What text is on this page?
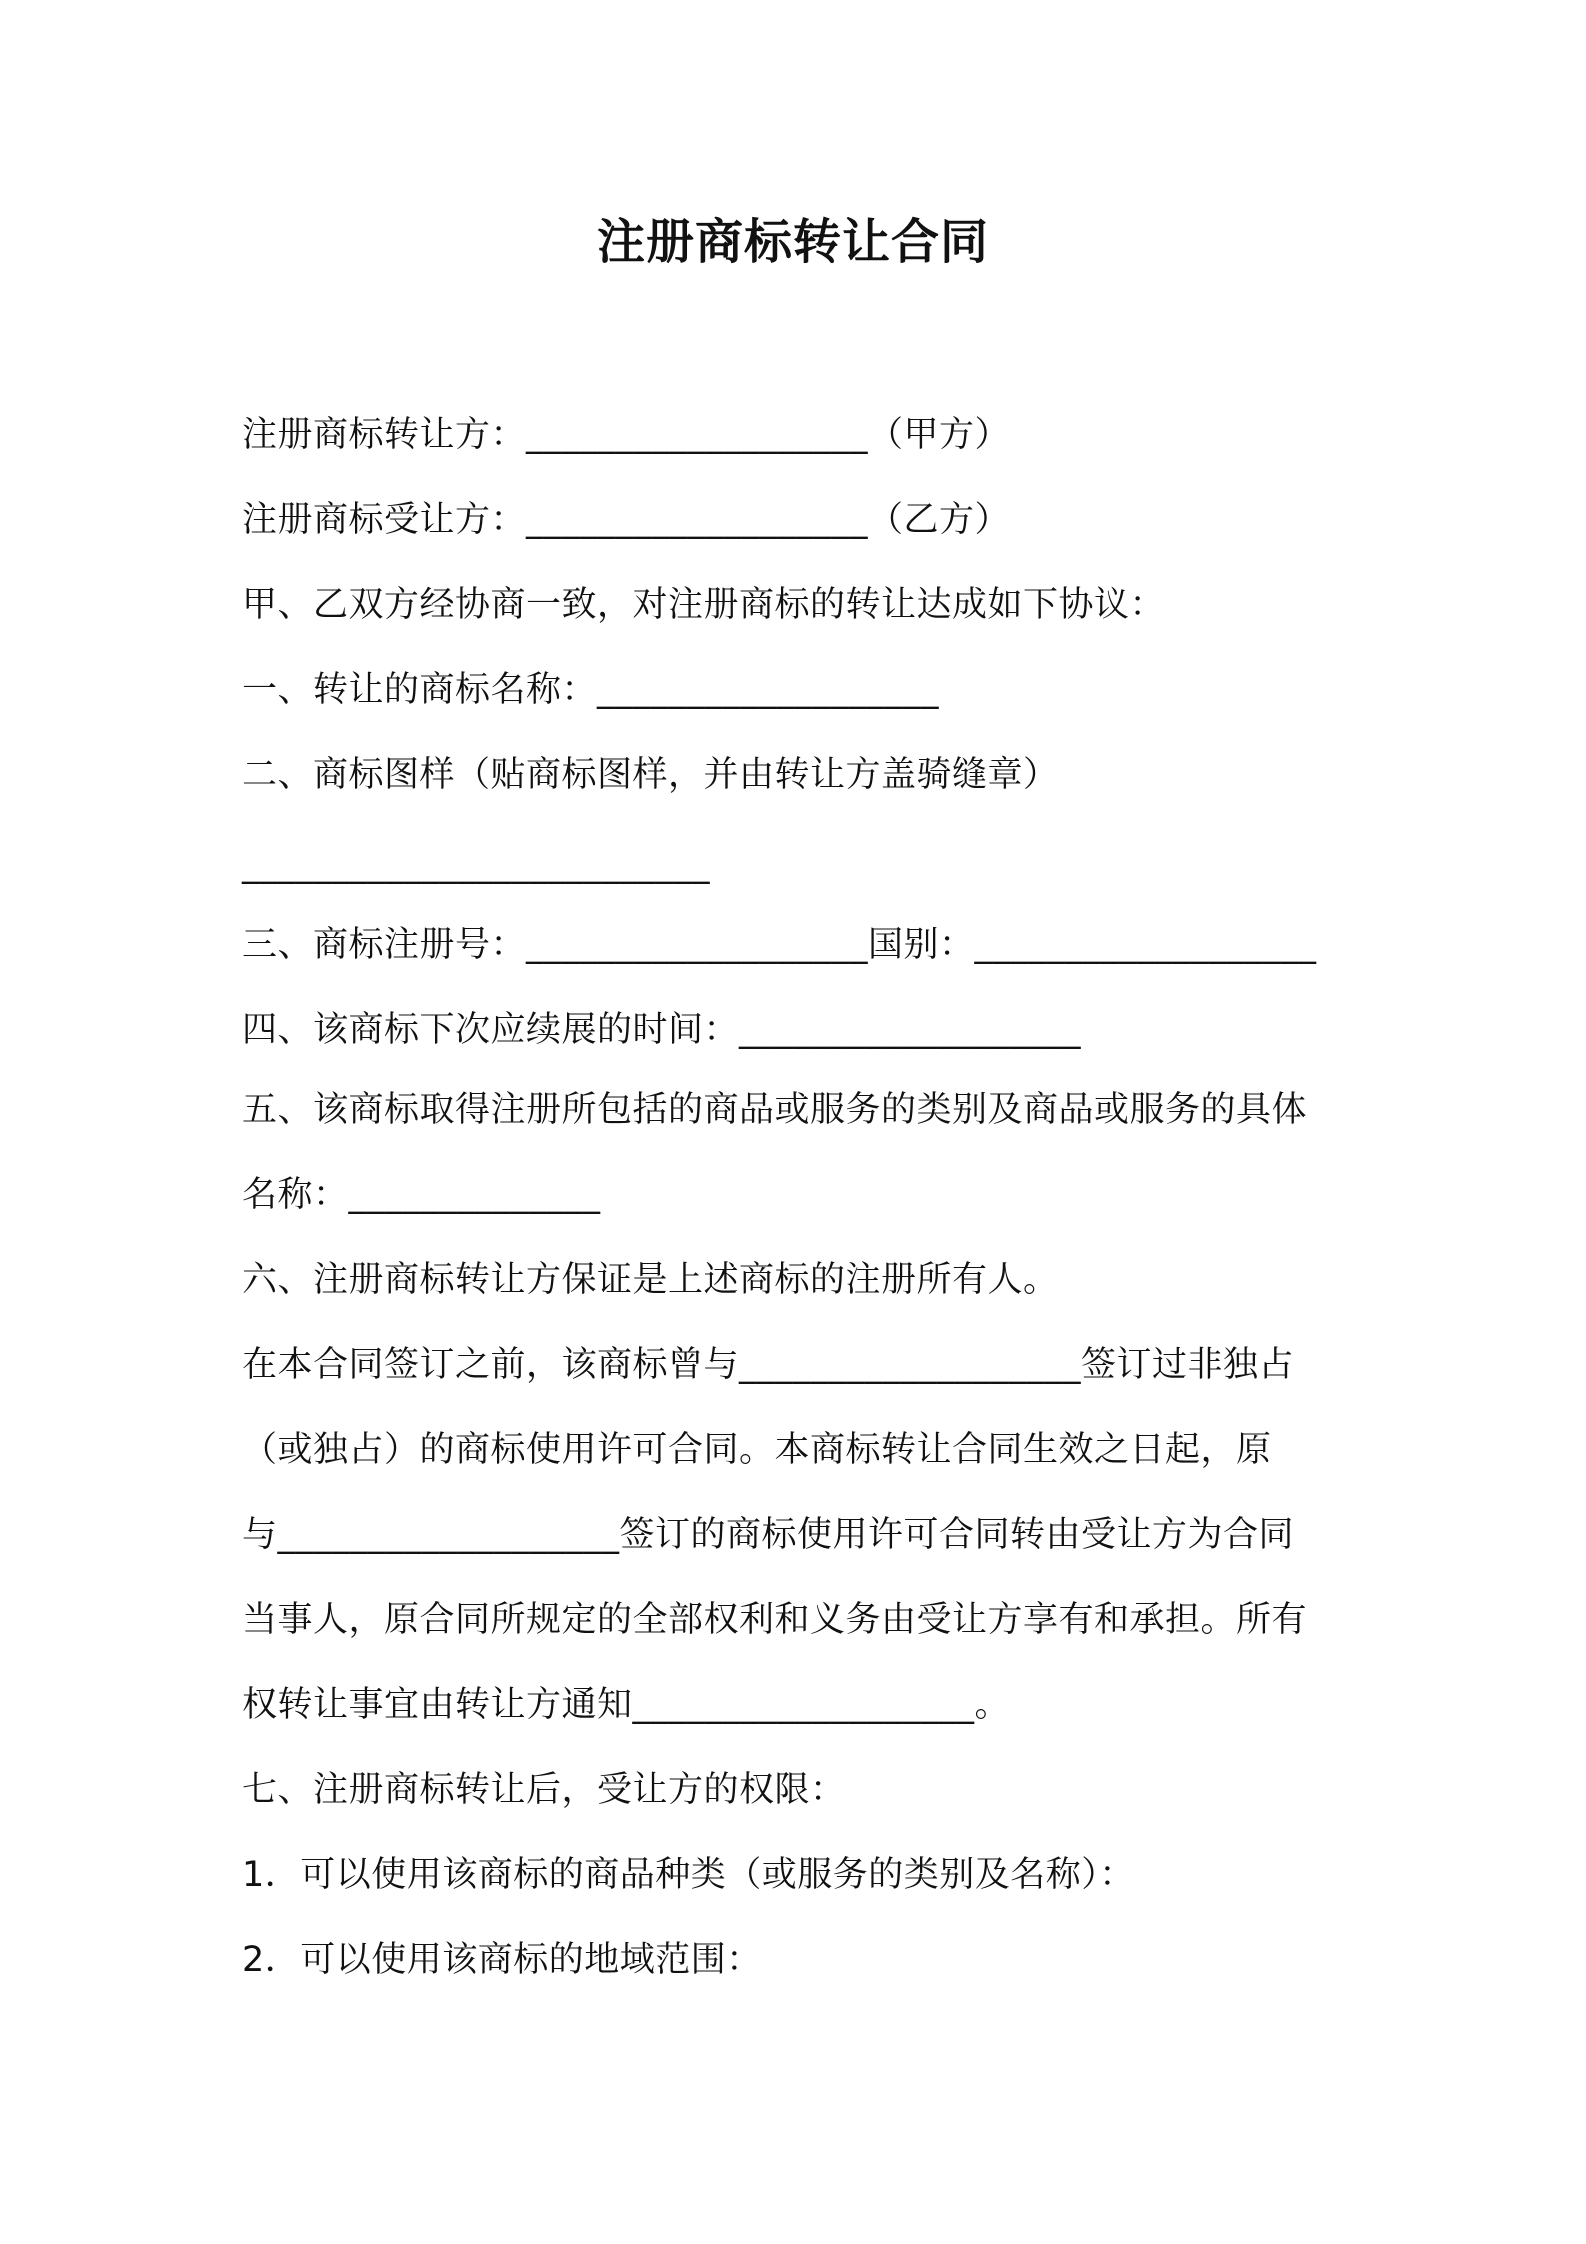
注册商标转让合同
注册商标转让方：___________________（甲方）
注册商标受让方：___________________（乙方）
甲、乙双方经协商一致，对注册商标的转让达成如下协议：
一、转让的商标名称：___________________
二、商标图样（贴商标图样，并由转让方盖骑缝章）
__________________________
三、商标注册号：___________________国别：___________________
四、该商标下次应续展的时间：___________________
五、该商标取得注册所包括的商品或服务的类别及商品或服务的具体
名称：______________
六、注册商标转让方保证是上述商标的注册所有人。
在本合同签订之前，该商标曾与___________________签订过非独占
（或独占）的商标使用许可合同。本商标转让合同生效之日起，原
与___________________签订的商标使用许可合同转由受让方为合同
当事人，原合同所规定的全部权利和义务由受让方享有和承担。所有
权转让事宜由转让方通知___________________。
七、注册商标转让后，受让方的权限：
1．可以使用该商标的商品种类（或服务的类别及名称）：
2．可以使用该商标的地域范围：
